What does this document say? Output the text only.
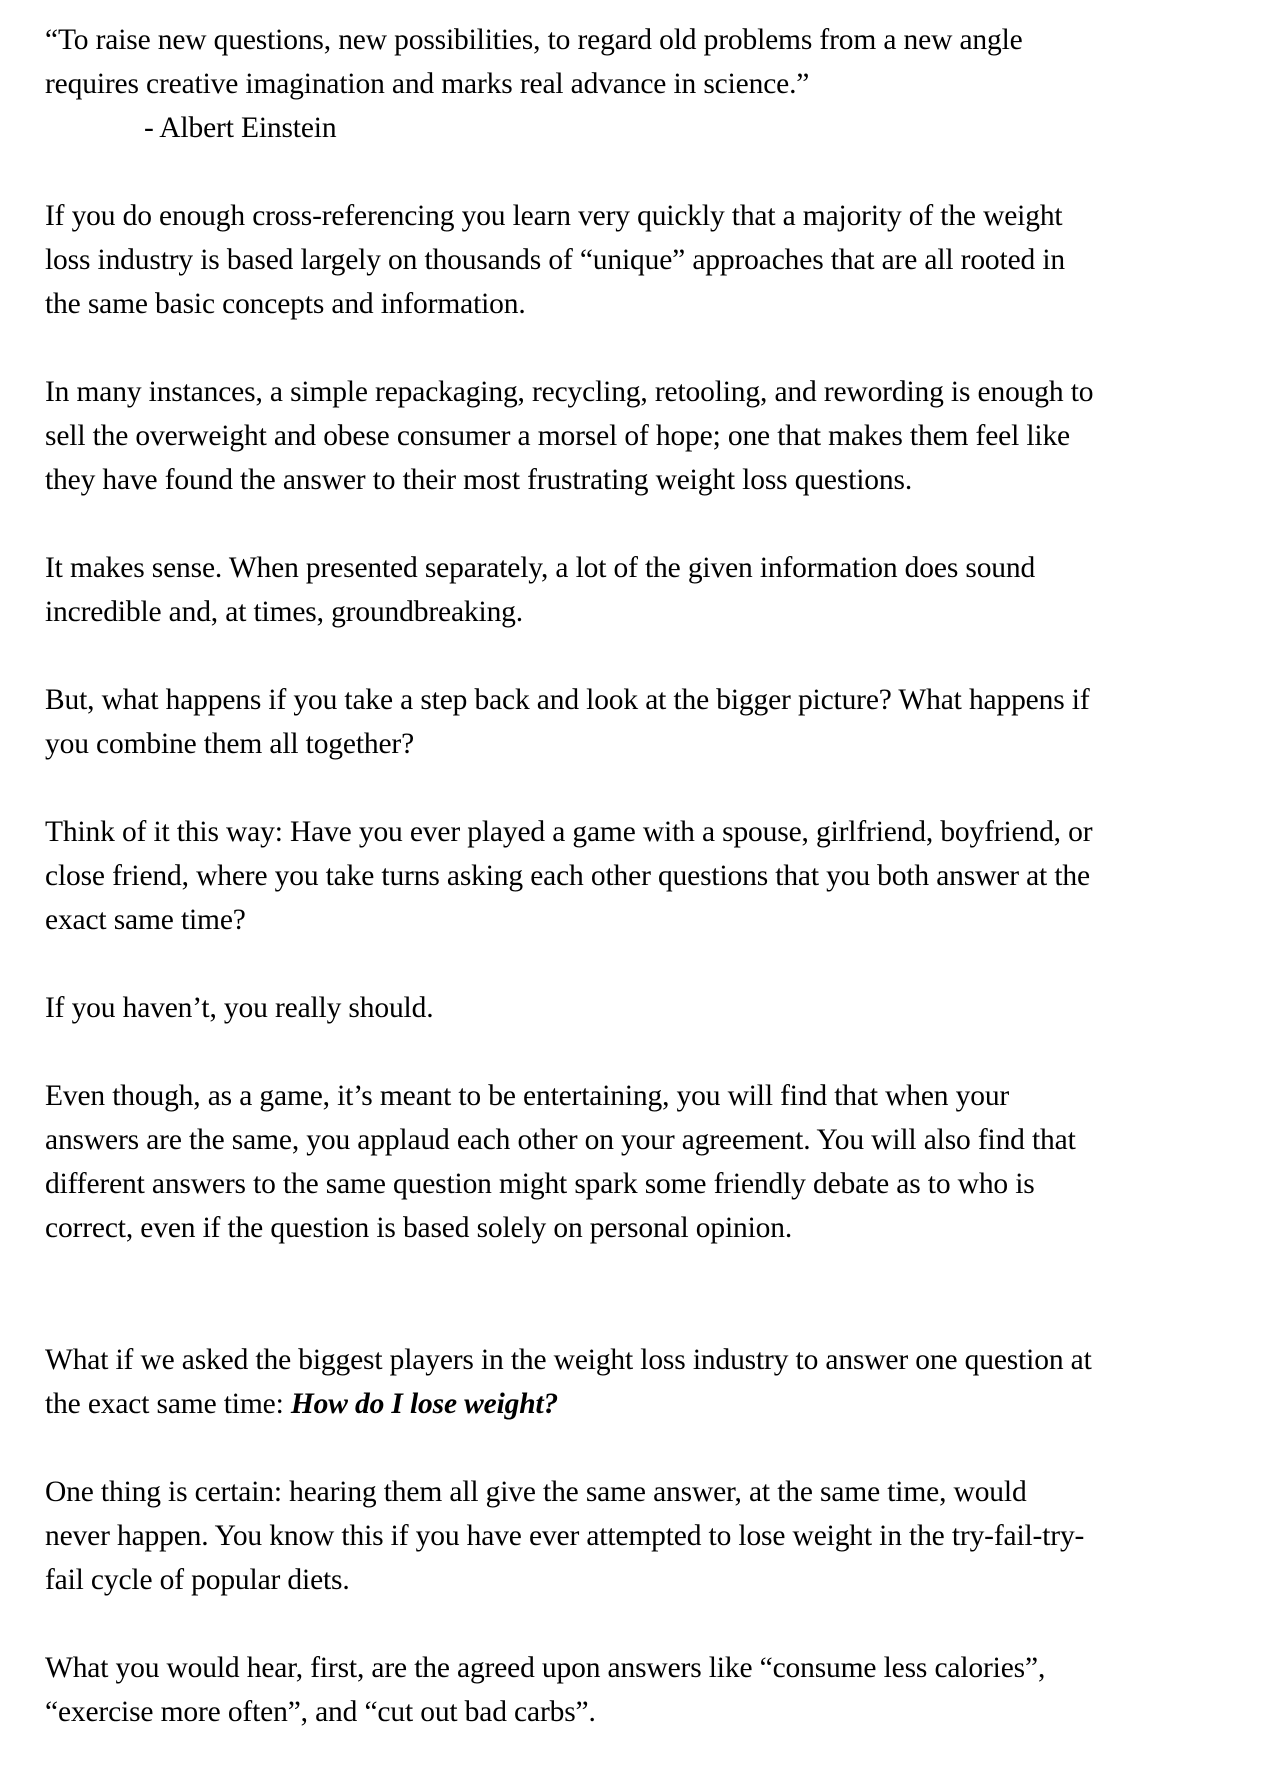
“To raise new questions, new possibilities, to regard old problems from a new angle
requires creative imagination and marks real advance in science.”
- Albert Einstein

If you do enough cross-referencing you learn very quickly that a majority of the weight
loss industry is based largely on thousands of “unique” approaches that are all rooted in
the same basic concepts and information.

In many instances, a simple repackaging, recycling, retooling, and rewording is enough to
sell the overweight and obese consumer a morsel of hope; one that makes them feel like
they have found the answer to their most frustrating weight loss questions.

It makes sense. When presented separately, a lot of the given information does sound
incredible and, at times, groundbreaking.

But, what happens if you take a step back and look at the bigger picture? What happens if
you combine them all together?

Think of it this way: Have you ever played a game with a spouse, girlfriend, boyfriend, or
close friend, where you take turns asking each other questions that you both answer at the
exact same time?

If you haven’t, you really should.

Even though, as a game, it’s meant to be entertaining, you will find that when your
answers are the same, you applaud each other on your agreement. You will also find that
different answers to the same question might spark some friendly debate as to who is
correct, even if the question is based solely on personal opinion.

What if we asked the biggest players in the weight loss industry to answer one question at
the exact same time: How do I lose weight?

One thing is certain: hearing them all give the same answer, at the same time, would
never happen. You know this if you have ever attempted to lose weight in the try-fail-try-
fail cycle of popular diets.

What you would hear, first, are the agreed upon answers like “consume less calories”,
“exercise more often”, and “cut out bad carbs”.
